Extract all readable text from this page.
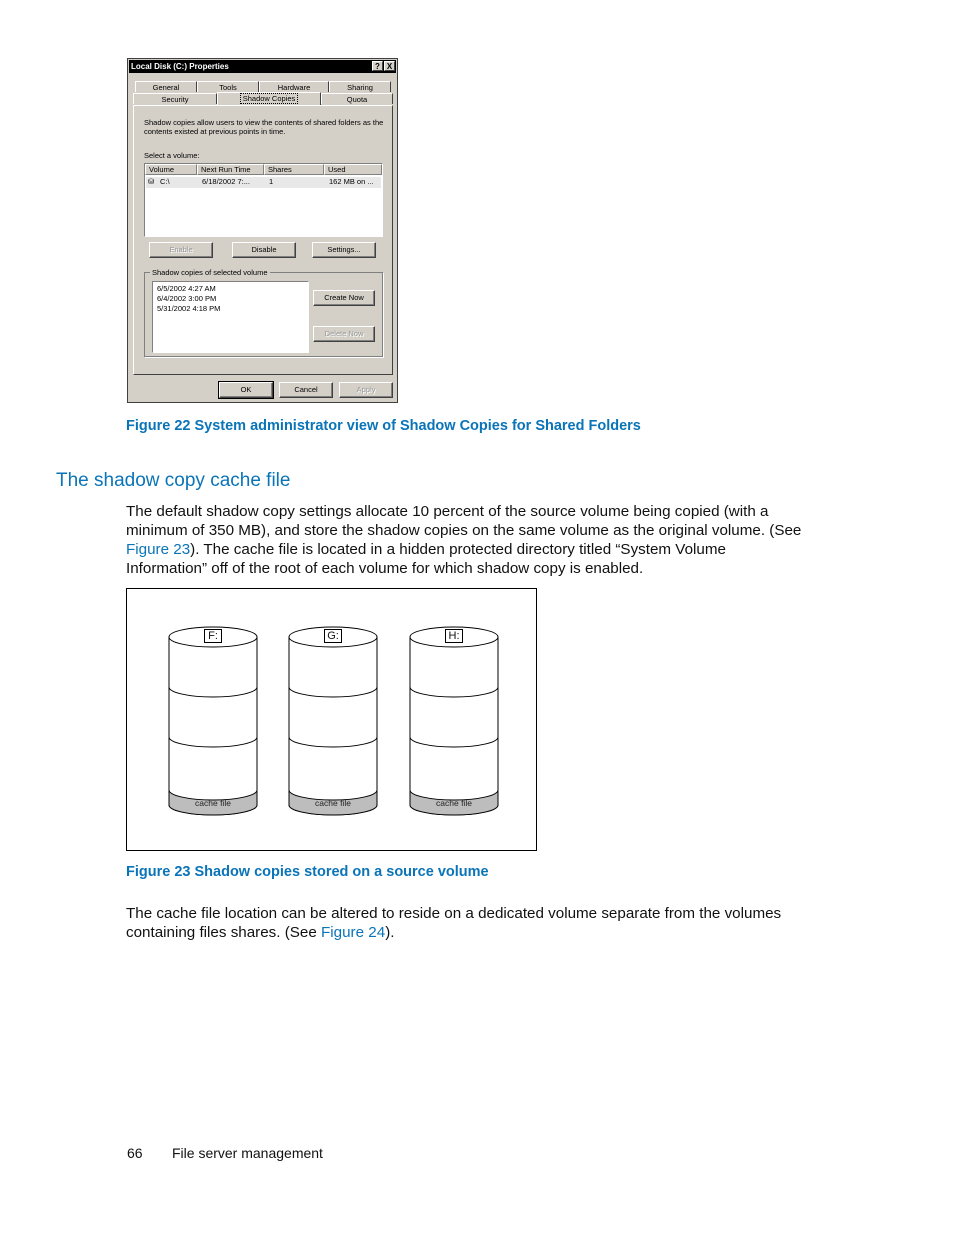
Local Disk (C:) Properties	? X
General	Tools	Hardware	Sharing
Security	Shadow Copies	Quota
Shadow copies allow users to view the contents of shared folders as the contents existed at previous points in time.
Select a volume:
Volume	Next Run Time	Shares	Used
⛁ C:\	6/18/2002 7:...	1	162 MB on ...
Enable	Disable	Settings...
Shadow copies of selected volume
6/5/2002 4:27 AM
6/4/2002 3:00 PM
5/31/2002 4:18 PM
Create Now
Delete Now
OK	Cancel	Apply
Figure 22 System administrator view of Shadow Copies for Shared Folders
The shadow copy cache file
The default shadow copy settings allocate 10 percent of the source volume being copied (with a minimum of 350 MB), and store the shadow copies on the same volume as the original volume. (See Figure 23). The cache file is located in a hidden protected directory titled “System Volume Information” off of the root of each volume for which shadow copy is enabled.
F:
cache file
G:
cache file
H:
cache file
Figure 23 Shadow copies stored on a source volume
The cache file location can be altered to reside on a dedicated volume separate from the volumes containing files shares. (See Figure 24).
66 File server management
